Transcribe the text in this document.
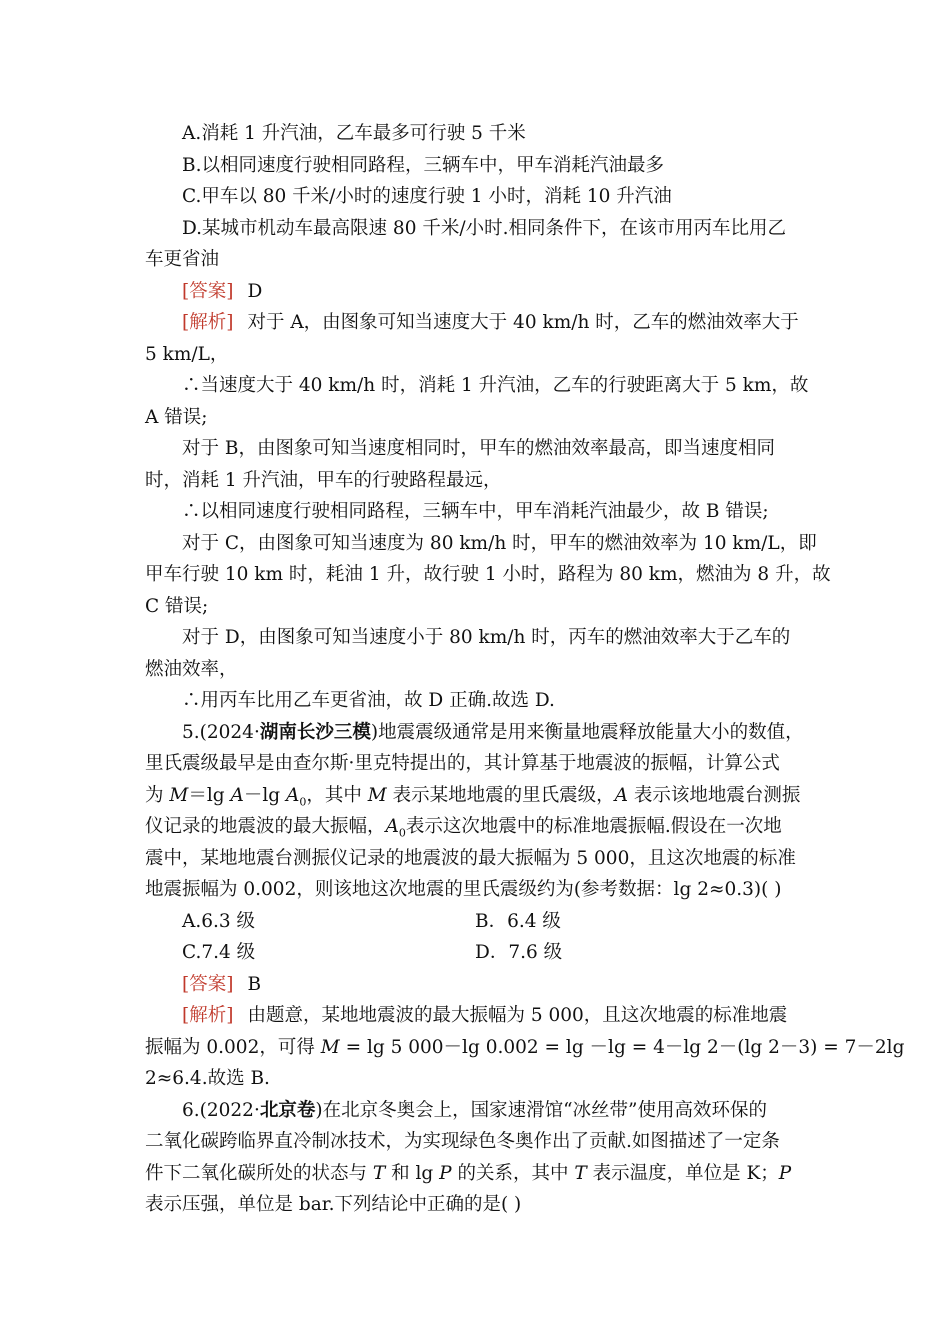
A.消耗 1 升汽油，乙车最多可行驶 5 千米
B.以相同速度行驶相同路程，三辆车中，甲车消耗汽油最多
C.甲车以 80 千米/小时的速度行驶 1 小时，消耗 10 升汽油
D.某城市机动车最高限速 80 千米/小时.相同条件下，在该市用丙车比用乙
车更省油
[答案] D
[解析] 对于 A，由图象可知当速度大于 40 km/h 时，乙车的燃油效率大于
5 km/L，
∴当速度大于 40 km/h 时，消耗 1 升汽油，乙车的行驶距离大于 5 km，故
A 错误;
对于 B，由图象可知当速度相同时，甲车的燃油效率最高，即当速度相同
时，消耗 1 升汽油，甲车的行驶路程最远，
∴以相同速度行驶相同路程，三辆车中，甲车消耗汽油最少，故 B 错误;
对于 C，由图象可知当速度为 80 km/h 时，甲车的燃油效率为 10 km/L，即
甲车行驶 10 km 时，耗油 1 升，故行驶 1 小时，路程为 80 km，燃油为 8 升，故
C 错误;
对于 D，由图象可知当速度小于 80 km/h 时，丙车的燃油效率大于乙车的
燃油效率，
∴用丙车比用乙车更省油，故 D 正确.故选 D.
5.(2024·湖南长沙三模)地震震级通常是用来衡量地震释放能量大小的数值，
里氏震级最早是由查尔斯·里克特提出的，其计算基于地震波的振幅，计算公式
为 M＝lg A－lg $A_0$，其中 M 表示某地地震的里氏震级，A 表示该地地震台测振
仪记录的地震波的最大振幅，$A_0$表示这次地震中的标准地震振幅.假设在一次地
震中，某地地震台测振仪记录的地震波的最大振幅为 5 000，且这次地震的标准
地震振幅为 0.002，则该地这次地震的里氏震级约为(参考数据：lg 2≈0.3)( )
A.6.3 级	B．6.4 级
C.7.4 级	D．7.6 级
[答案] B
[解析] 由题意，某地地震波的最大振幅为 5 000，且这次地震的标准地震
振幅为 0.002，可得 M = lg 5 000－lg 0.002 = lg －lg = 4－lg 2－(lg 2－3) = 7－2lg
2≈6.4.故选 B.
6.(2022·北京卷)在北京冬奥会上，国家速滑馆“冰丝带”使用高效环保的
二氧化碳跨临界直冷制冰技术，为实现绿色冬奥作出了贡献.如图描述了一定条
件下二氧化碳所处的状态与 T 和 lg P 的关系，其中 T 表示温度，单位是 K；P
表示压强，单位是 bar.下列结论中正确的是( )
